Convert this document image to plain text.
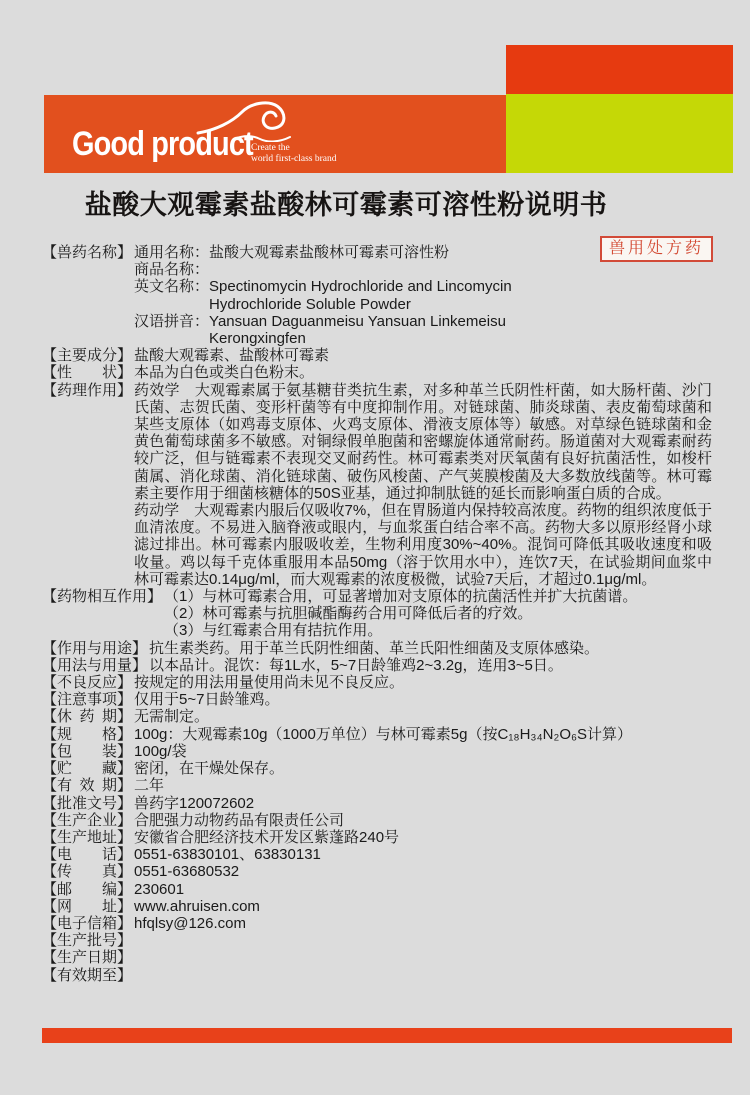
Good product
Create the
world first-class brand
盐酸大观霉素盐酸林可霉素可溶性粉说明书
兽用处方药
【兽药名称】 通用名称： 盐酸大观霉素盐酸林可霉素可溶性粉
商品名称：
英文名称： Spectinomycin Hydrochloride and Lincomycin
Hydrochloride Soluble Powder
汉语拼音： Yansuan Daguanmeisu Yansuan Linkemeisu
Kerongxingfen
【主要成分】 盐酸大观霉素、盐酸林可霉素

【性状】 本品为白色或类白色粉末。

【药理作用】 药效学　大观霉素属于氨基糖苷类抗生素，对多种革兰氏阴性杆菌，如大肠杆菌、沙门氏菌、志贺氏菌、变形杆菌等有中度抑制作用。对链球菌、肺炎球菌、表皮葡萄球菌和某些支原体（如鸡毒支原体、火鸡支原体、滑液支原体等）敏感。对草绿色链球菌和金黄色葡萄球菌多不敏感。对铜绿假单胞菌和密螺旋体通常耐药。肠道菌对大观霉素耐药较广泛，但与链霉素不表现交叉耐药性。林可霉素类对厌氧菌有良好抗菌活性，如梭杆菌属、消化球菌、消化链球菌、破伤风梭菌、产气荚膜梭菌及大多数放线菌等。林可霉素主要作用于细菌核糖体的50S亚基，通过抑制肽链的延长而影响蛋白质的合成。

药动学　大观霉素内服后仅吸收7%，但在胃肠道内保持较高浓度。药物的组织浓度低于血清浓度。不易进入脑脊液或眼内，与血浆蛋白结合率不高。药物大多以原形经肾小球滤过排出。林可霉素内服吸收差，生物利用度30%~40%。混饲可降低其吸收速度和吸收量。鸡以每千克体重服用本品50mg（溶于饮用水中），连饮7天，在试验期间血浆中林可霉素达0.14μg/ml，而大观霉素的浓度极微，试验7天后，才超过0.1μg/ml。

【药物相互作用】 （1）与林可霉素合用，可显著增加对支原体的抗菌活性并扩大抗菌谱。

（2）林可霉素与抗胆碱酯酶药合用可降低后者的疗效。

（3）与红霉素合用有拮抗作用。

【作用与用途】 抗生素类药。用于革兰氏阴性细菌、革兰氏阳性细菌及支原体感染。

【用法与用量】 以本品计。混饮：每1L水，5~7日龄雏鸡2~3.2g，连用3~5日。

【不良反应】 按规定的用法用量使用尚未见不良反应。

【注意事项】 仅用于5~7日龄雏鸡。

【休药期】 无需制定。

【规格】 100g：大观霉素10g（1000万单位）与林可霉素5g（按C₁₈H₃₄N₂O₆S计算）

【包装】 100g/袋

【贮藏】 密闭，在干燥处保存。

【有效期】 二年

【批准文号】 兽药字120072602

【生产企业】 合肥强力动物药品有限责任公司

【生产地址】 安徽省合肥经济技术开发区紫蓬路240号

【电话】 0551-63830101、63830131

【传真】 0551-63680532

【邮编】 230601

【网址】 www.ahruisen.com

【电子信箱】 hfqlsy@126.com

【生产批号】

【生产日期】

【有效期至】
